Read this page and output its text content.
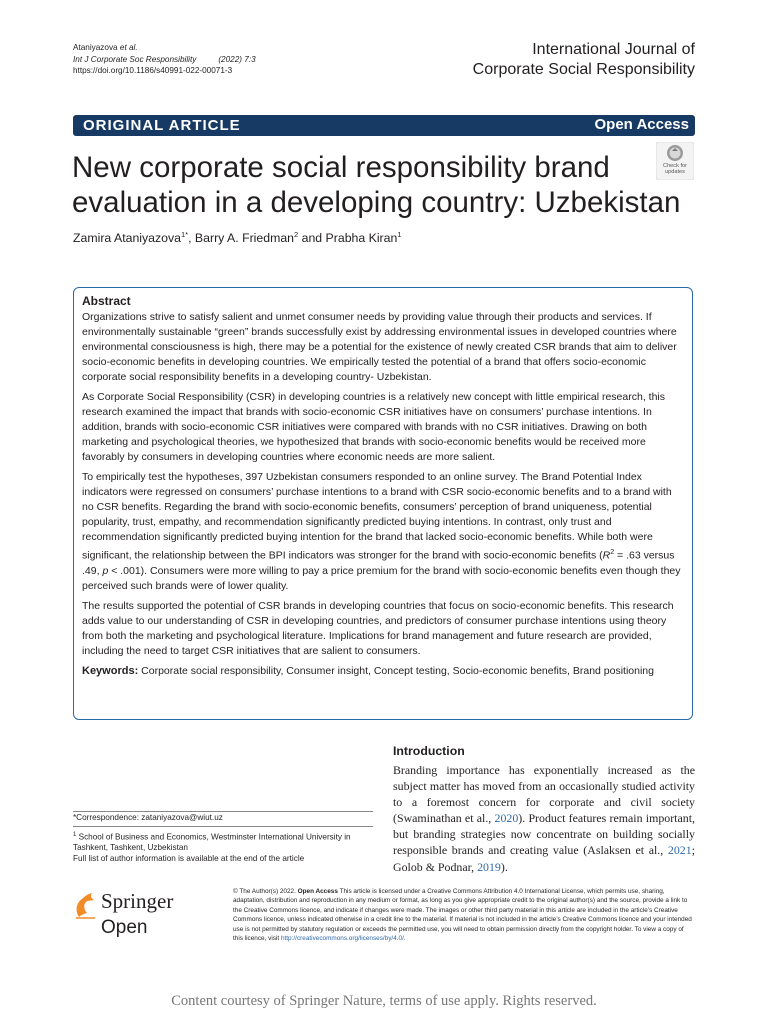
Ataniyazova et al.
Int J Corporate Soc Responsibility	(2022) 7:3
https://doi.org/10.1186/s40991-022-00071-3
International Journal of
Corporate Social Responsibility
ORIGINAL ARTICLE	Open Access
Check for
updates
New corporate social responsibility brand evaluation in a developing country: Uzbekistan
Zamira Ataniyazova$^{1*}$, Barry A. Friedman$^2$ and Prabha Kiran$^1$
Abstract

Organizations strive to satisfy salient and unmet consumer needs by providing value through their products and services. If environmentally sustainable “green” brands successfully exist by addressing environmental issues in developed countries where environmental consciousness is high, there may be a potential for the existence of newly created CSR brands that aim to deliver socio-economic benefits in developing countries. We empirically tested the potential of a brand that offers socio-economic corporate social responsibility benefits in a developing country- Uzbekistan.

As Corporate Social Responsibility (CSR) in developing countries is a relatively new concept with little empirical research, this research examined the impact that brands with socio-economic CSR initiatives have on consumers’ purchase intentions. In addition, brands with socio-economic CSR initiatives were compared with brands with no CSR initiatives. Drawing on both marketing and psychological theories, we hypothesized that brands with socio-economic benefits would be received more favorably by consumers in developing countries where economic needs are more salient.

To empirically test the hypotheses, 397 Uzbekistan consumers responded to an online survey. The Brand Potential Index indicators were regressed on consumers’ purchase intentions to a brand with CSR socio-economic benefits and to a brand with no CSR benefits. Regarding the brand with socio-economic benefits, consumers’ perception of brand uniqueness, potential popularity, trust, empathy, and recommendation significantly predicted buying intentions. In contrast, only trust and recommendation significantly predicted buying intention for the brand that lacked socio-economic benefits. While both were significant, the relationship between the BPI indicators was stronger for the brand with socio-economic benefits ($R^2 = .63$ versus .49, p < .001). Consumers were more willing to pay a price premium for the brand with socio-economic benefits even though they perceived such brands were of lower quality.

The results supported the potential of CSR brands in developing countries that focus on socio-economic benefits. This research adds value to our understanding of CSR in developing countries, and predictors of consumer purchase intentions using theory from both the marketing and psychological literature. Implications for brand management and future research are provided, including the need to target CSR initiatives that are salient to consumers.

Keywords: Corporate social responsibility, Consumer insight, Concept testing, Socio-economic benefits, Brand positioning

*Correspondence: zataniyazova@wiut.uz
$^1$ School of Business and Economics, Westminster International University in Tashkent, Tashkent, Uzbekistan
Full list of author information is available at the end of the article
Introduction
Branding importance has exponentially increased as the subject matter has moved from an occasionally studied activity to a foremost concern for corporate and civil society (Swaminathan et al., 2020). Product features remain important, but branding strategies now concentrate on building socially responsible brands and creating value (Aslaksen et al., 2021; Golob & Podnar, 2019).
Springer Open
© The Author(s) 2022. Open Access This article is licensed under a Creative Commons Attribution 4.0 International License, which permits use, sharing, adaptation, distribution and reproduction in any medium or format, as long as you give appropriate credit to the original author(s) and the source, provide a link to the Creative Commons licence, and indicate if changes were made. The images or other third party material in this article are included in the article’s Creative Commons licence, unless indicated otherwise in a credit line to the material. If material is not included in the article’s Creative Commons licence and your intended use is not permitted by statutory regulation or exceeds the permitted use, you will need to obtain permission directly from the copyright holder. To view a copy of this licence, visit http://creativecommons.org/licenses/by/4.0/.
Content courtesy of Springer Nature, terms of use apply. Rights reserved.
